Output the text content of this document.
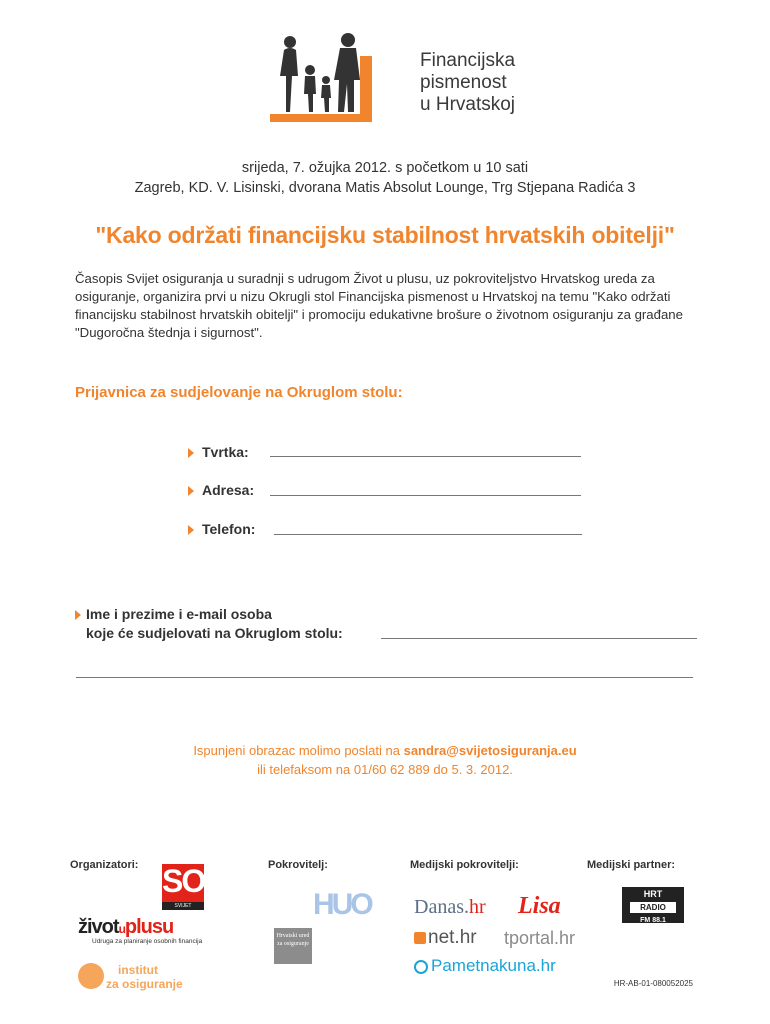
Financijska
pismenost
u Hrvatskoj
srijeda, 7. ožujka 2012. s početkom u 10 sati
Zagreb, KD. V. Lisinski, dvorana Matis Absolut Lounge, Trg Stjepana Radića 3
"Kako održati financijsku stabilnost hrvatskih obitelji"
Časopis Svijet osiguranja u suradnji s udrugom Život u plusu, uz pokroviteljstvo Hrvatskog ureda za osiguranje, organizira prvi u nizu Okrugli stol Financijska pismenost u Hrvatskoj na temu "Kako održati financijsku stabilnost hrvatskih obitelji" i promociju edukativne brošure o životnom osiguranju za građane "Dugoročna štednja i sigurnost".
Prijavnica za sudjelovanje na Okruglom stolu:
Tvrtka:
Adresa:
Telefon:
Ime i prezime i e-mail osoba
koje će sudjelovati na Okruglom stolu:
Ispunjeni obrazac molimo poslati na sandra@svijetosiguranja.eu
ili telefaksom na 01/60 62 889 do 5. 3. 2012.
Organizatori:	Pokrovitelj:	Medijski pokrovitelji:	Medijski partner:
SO
SVIJET OSIGURANJA
životuplusu
Udruga za planiranje osobnih financija
institut
za osiguranje
HUO
Hrvatski ured za osiguranje
Danas.hr Lisa
net.hr tportal.hr
Pametnakuna.hr
HRT
RADIO
FM 88.1
HR-AB-01-080052025
